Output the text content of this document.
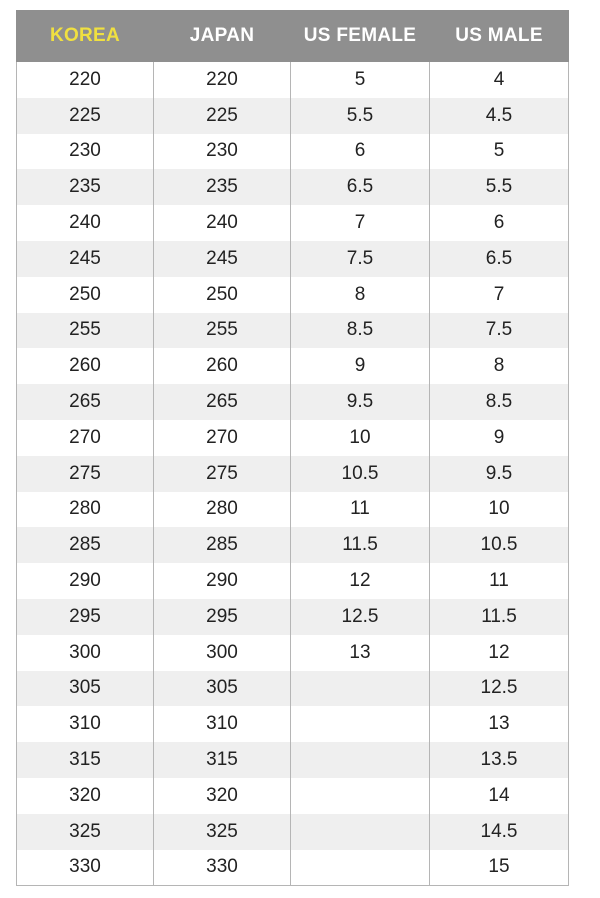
KOREA	JAPAN	US FEMALE	US MALE
220	220	5	4
225	225	5.5	4.5
230	230	6	5
235	235	6.5	5.5
240	240	7	6
245	245	7.5	6.5
250	250	8	7
255	255	8.5	7.5
260	260	9	8
265	265	9.5	8.5
270	270	10	9
275	275	10.5	9.5
280	280	11	10
285	285	11.5	10.5
290	290	12	11
295	295	12.5	11.5
300	300	13	12
305	305		12.5
310	310		13
315	315		13.5
320	320		14
325	325		14.5
330	330		15
